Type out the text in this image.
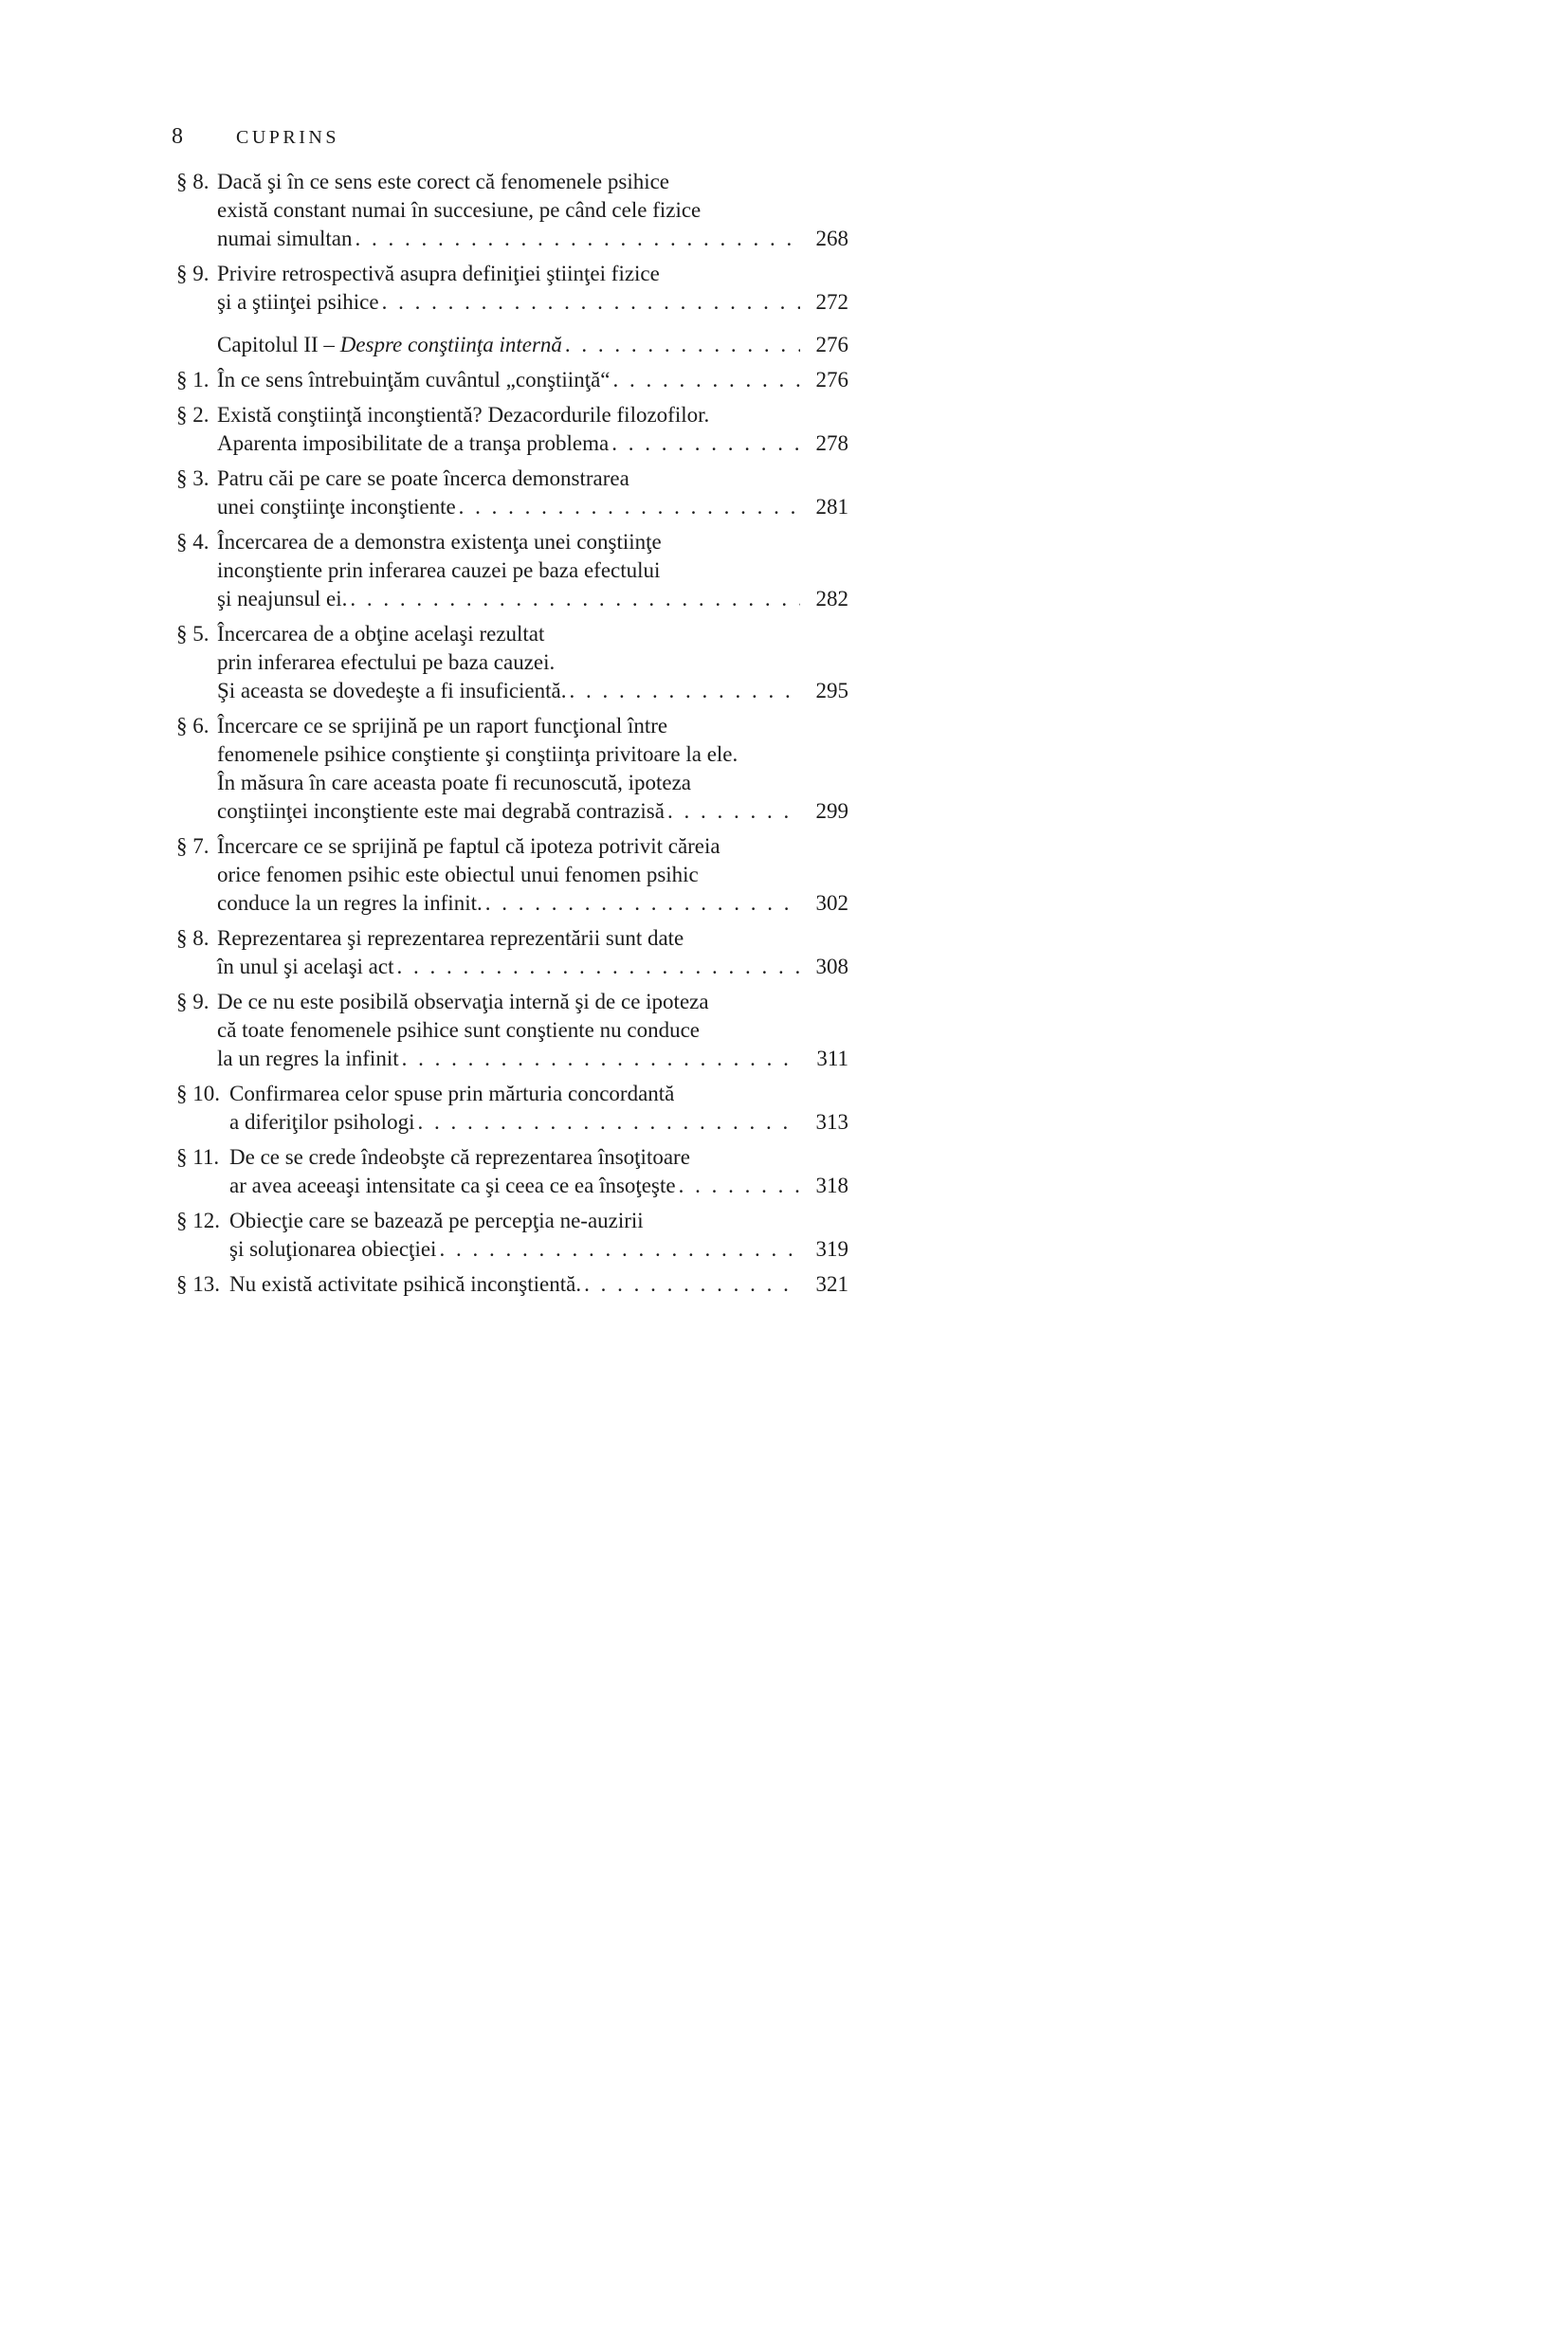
8	CUPRINS
§ 8. Dacă şi în ce sens este corect că fenomenele psihice
există constant numai în succesiune, pe când cele fizice
numai simultan . . .	268
§ 9. Privire retrospectivă asupra definiţiei ştiinţei fizice
şi a ştiinţei psihice . . .	272
Capitolul II – Despre conştiinţa internă . . .	276
§ 1. În ce sens întrebuinţăm cuvântul „conştiinţă“ . . .	276
§ 2. Există conştiinţă inconştientă? Dezacordurile filozofilor.
Aparenta imposibilitate de a tranşa problema . . .	278
§ 3. Patru căi pe care se poate încerca demonstrarea
unei conştiinţe inconştiente . . .	281
§ 4. Încercarea de a demonstra existenţa unei conştiinţe
inconştiente prin inferarea cauzei pe baza efectului
şi neajunsul ei. . . .	282
§ 5. Încercarea de a obţine acelaşi rezultat
prin inferarea efectului pe baza cauzei.
Şi aceasta se dovedeşte a fi insuficientă. . . .	295
§ 6. Încercare ce se sprijină pe un raport funcţional între
fenomenele psihice conştiente şi conştiinţa privitoare la ele.
În măsura în care aceasta poate fi recunoscută, ipoteza
conştiinţei inconştiente este mai degrabă contrazisă . . .	299
§ 7. Încercare ce se sprijină pe faptul că ipoteza potrivit căreia
orice fenomen psihic este obiectul unui fenomen psihic
conduce la un regres la infinit. . . .	302
§ 8. Reprezentarea şi reprezentarea reprezentării sunt date
în unul şi acelaşi act . . .	308
§ 9. De ce nu este posibilă observaţia internă şi de ce ipoteza
că toate fenomenele psihice sunt conştiente nu conduce
la un regres la infinit . . .	311
§ 10. Confirmarea celor spuse prin mărturia concordantă
a diferiţilor psihologi . . .	313
§ 11. De ce se crede îndeobşte că reprezentarea însoţitoare
ar avea aceeaşi intensitate ca şi ceea ce ea însoţeşte . . .	318
§ 12. Obiecţie care se bazează pe percepţia ne-auzirii
şi soluţionarea obiecţiei . . .	319
§ 13. Nu există activitate psihică inconştientă. . . .	321
